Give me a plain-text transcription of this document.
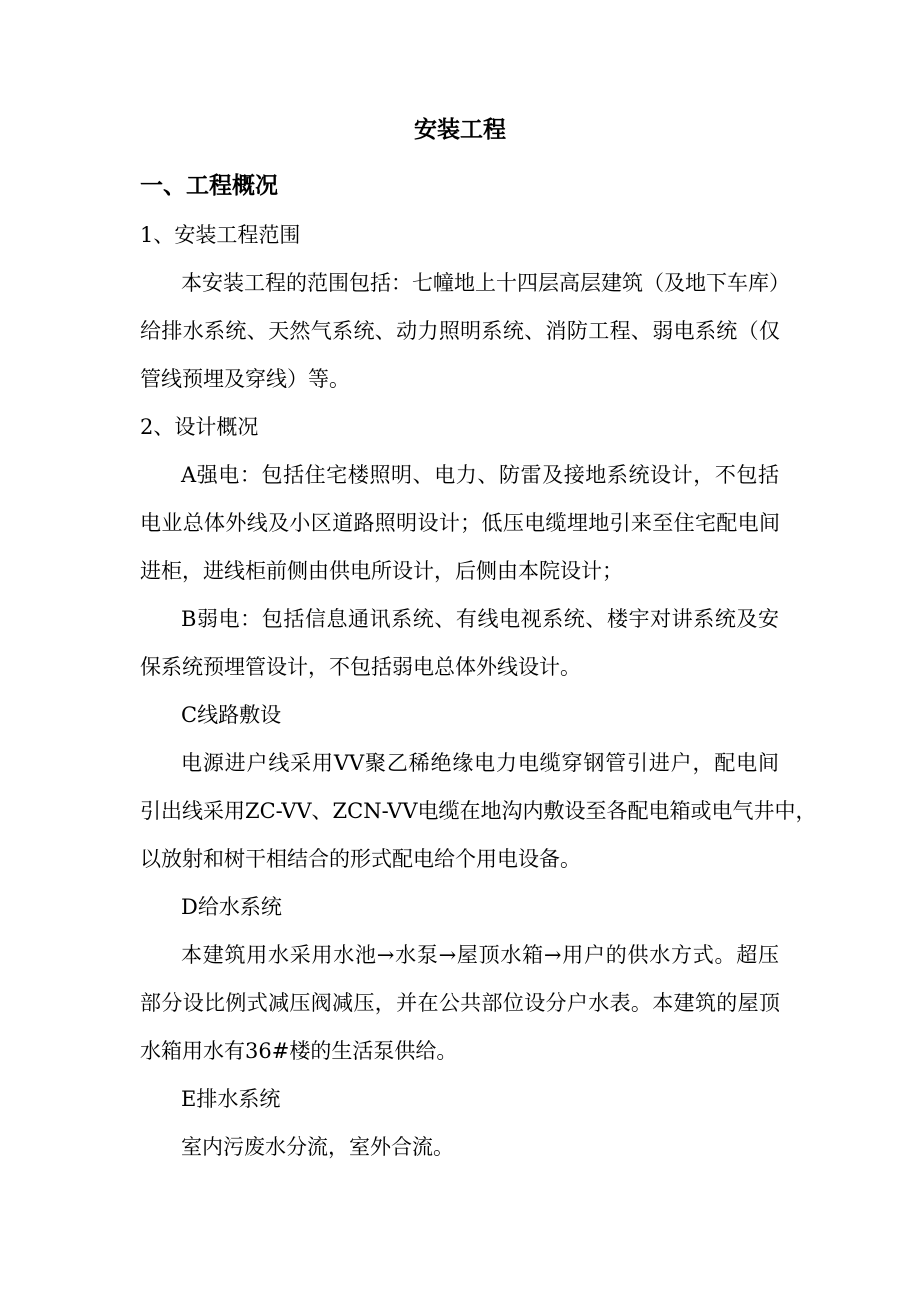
安装工程
一、工程概况
1、安装工程范围
本安装工程的范围包括：七幢地上十四层高层建筑（及地下车库）
给排水系统、天然气系统、动力照明系统、消防工程、弱电系统（仅
管线预埋及穿线）等。
2、设计概况
A强电：包括住宅楼照明、电力、防雷及接地系统设计，不包括
电业总体外线及小区道路照明设计；低压电缆埋地引来至住宅配电间
进柜，进线柜前侧由供电所设计，后侧由本院设计；
B弱电：包括信息通讯系统、有线电视系统、楼宇对讲系统及安
保系统预埋管设计，不包括弱电总体外线设计。
C线路敷设
电源进户线采用VV聚乙稀绝缘电力电缆穿钢管引进户，配电间
引出线采用ZC-VV、ZCN-VV电缆在地沟内敷设至各配电箱或电气井中，
以放射和树干相结合的形式配电给个用电设备。
D给水系统
本建筑用水采用水池→水泵→屋顶水箱→用户的供水方式。超压
部分设比例式减压阀减压，并在公共部位设分户水表。本建筑的屋顶
水箱用水有36#楼的生活泵供给。
E排水系统
室内污废水分流，室外合流。
